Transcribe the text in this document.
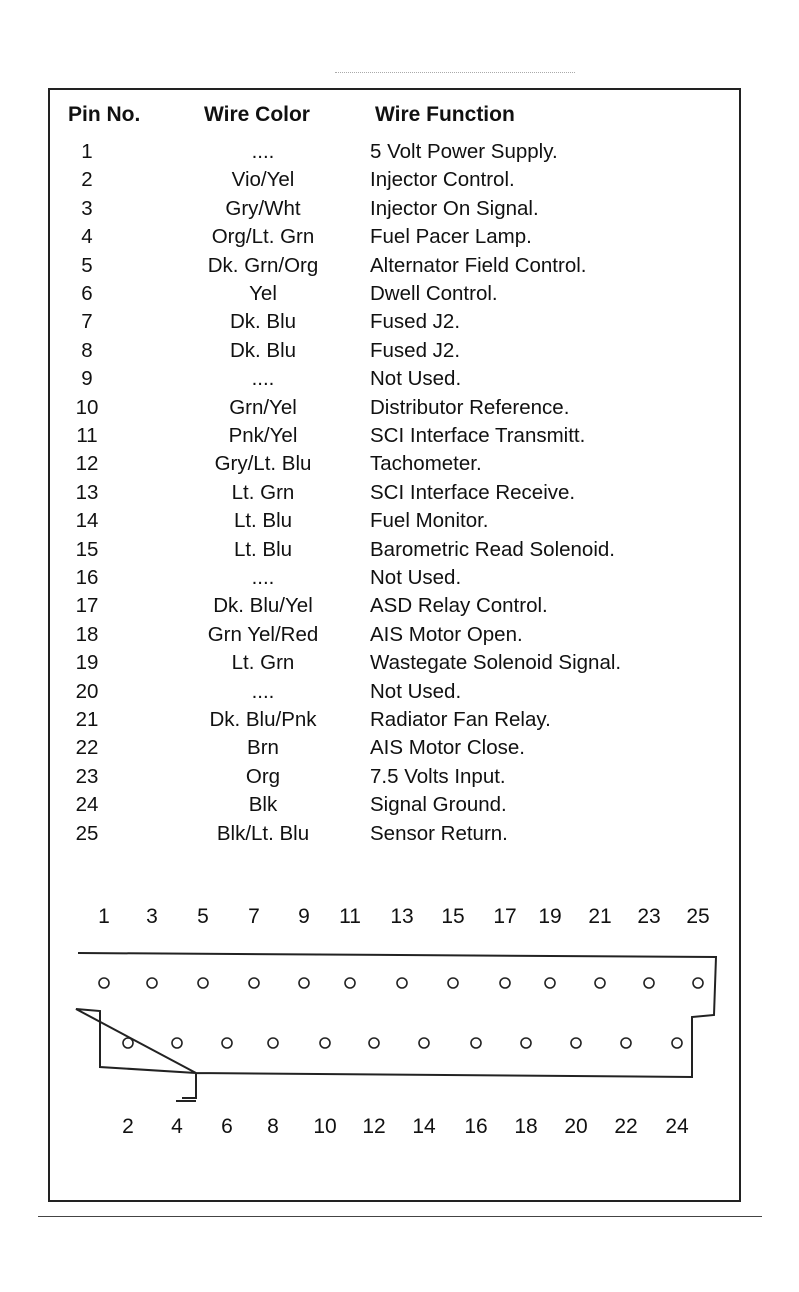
Pin No.	Wire Color	Wire Function
1	....	5 Volt Power Supply.
2	Vio/Yel	Injector Control.
3	Gry/Wht	Injector On Signal.
4	Org/Lt. Grn	Fuel Pacer Lamp.
5	Dk. Grn/Org	Alternator Field Control.
6	Yel	Dwell Control.
7	Dk. Blu	Fused J2.
8	Dk. Blu	Fused J2.
9	....	Not Used.
10	Grn/Yel	Distributor Reference.
11	Pnk/Yel	SCI Interface Transmitt.
12	Gry/Lt. Blu	Tachometer.
13	Lt. Grn	SCI Interface Receive.
14	Lt. Blu	Fuel Monitor.
15	Lt. Blu	Barometric Read Solenoid.
16	....	Not Used.
17	Dk. Blu/Yel	ASD Relay Control.
18	Grn Yel/Red	AIS Motor Open.
19	Lt. Grn	Wastegate Solenoid Signal.
20	....	Not Used.
21	Dk. Blu/Pnk	Radiator Fan Relay.
22	Brn	AIS Motor Close.
23	Org	7.5 Volts Input.
24	Blk	Signal Ground.
25	Blk/Lt. Blu	Sensor Return.
1	3	5	7	9	11 13 15 17 19 21 23 25
2	4	6	8	10 12 14 16 18 20 22 24
